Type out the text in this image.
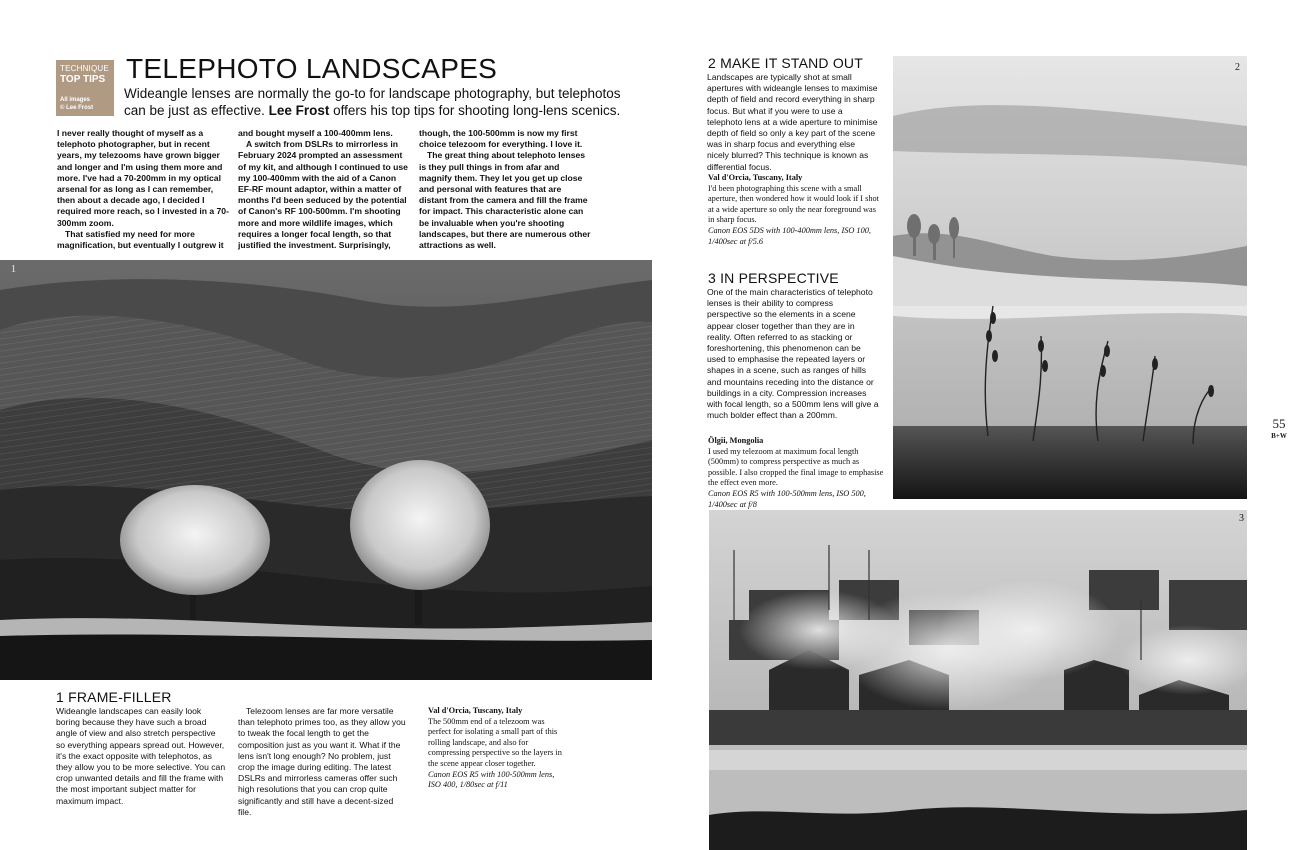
TECHNIQUE
TOP TIPS
All images
© Lee Frost
TELEPHOTO LANDSCAPES
Wideangle lenses are normally the go-to for landscape photography, but telephotos can be just as effective. Lee Frost offers his top tips for shooting long-lens scenics.

I never really thought of myself as a telephoto photographer, but in recent years, my telezooms have grown bigger and longer and I'm using them more and more. I've had a 70-200mm in my optical arsenal for as long as I can remember, then about a decade ago, I decided I required more reach, so I invested in a 70-300mm zoom.

That satisfied my need for more magnification, but eventually I outgrew it

and bought myself a 100-400mm lens.

A switch from DSLRs to mirrorless in February 2024 prompted an assessment of my kit, and although I continued to use my 100-400mm with the aid of a Canon EF-RF mount adaptor, within a matter of months I'd been seduced by the potential of Canon's RF 100-500mm. I'm shooting more and more wildlife images, which requires a longer focal length, so that justified the investment. Surprisingly,

though, the 100-500mm is now my first choice telezoom for everything. I love it.

The great thing about telephoto lenses is they pull things in from afar and magnify them. They let you get up close and personal with features that are distant from the camera and fill the frame for impact. This characteristic alone can be invaluable when you're shooting landscapes, but there are numerous other attractions as well.

1
1 FRAME-FILLER

Wideangle landscapes can easily look boring because they have such a broad angle of view and also stretch perspective so everything appears spread out. However, it's the exact opposite with telephotos, as they allow you to be more selective. You can crop unwanted details and fill the frame with the most important subject matter for maximum impact.

Telezoom lenses are far more versatile than telephoto primes too, as they allow you to tweak the focal length to get the composition just as you want it. What if the lens isn't long enough? No problem, just crop the image during editing. The latest DSLRs and mirrorless cameras offer such high resolutions that you can crop quite significantly and still have a decent-sized file.

Val d'Orcia, Tuscany, Italy
The 500mm end of a telezoom was perfect for isolating a small part of this rolling landscape, and also for compressing perspective so the layers in the scene appear closer together.
Canon EOS R5 with 100-500mm lens, ISO 400, 1/80sec at f/11
2 MAKE IT STAND OUT

Landscapes are typically shot at small apertures with wideangle lenses to maximise depth of field and record everything in sharp focus. But what if you were to use a telephoto lens at a wide aperture to minimise depth of field so only a key part of the scene was in sharp focus and everything else nicely blurred? This technique is known as differential focus.

Val d'Orcia, Tuscany, Italy
I'd been photographing this scene with a small aperture, then wondered how it would look if I shot at a wide aperture so only the near foreground was in sharp focus.
Canon EOS 5DS with 100-400mm lens, ISO 100, 1/400sec at f/5.6
2
3 IN PERSPECTIVE

One of the main characteristics of telephoto lenses is their ability to compress perspective so the elements in a scene appear closer together than they are in reality. Often referred to as stacking or foreshortening, this phenomenon can be used to emphasise the repeated layers or shapes in a scene, such as ranges of hills and mountains receding into the distance or buildings in a city. Compression increases with focal length, so a 500mm lens will give a much bolder effect than a 200mm.

Ölgii, Mongolia
I used my telezoom at maximum focal length (500mm) to compress perspective as much as possible. I also cropped the final image to emphasise the effect even more.
Canon EOS R5 with 100-500mm lens, ISO 500, 1/400sec at f/8
55
B+W
3
